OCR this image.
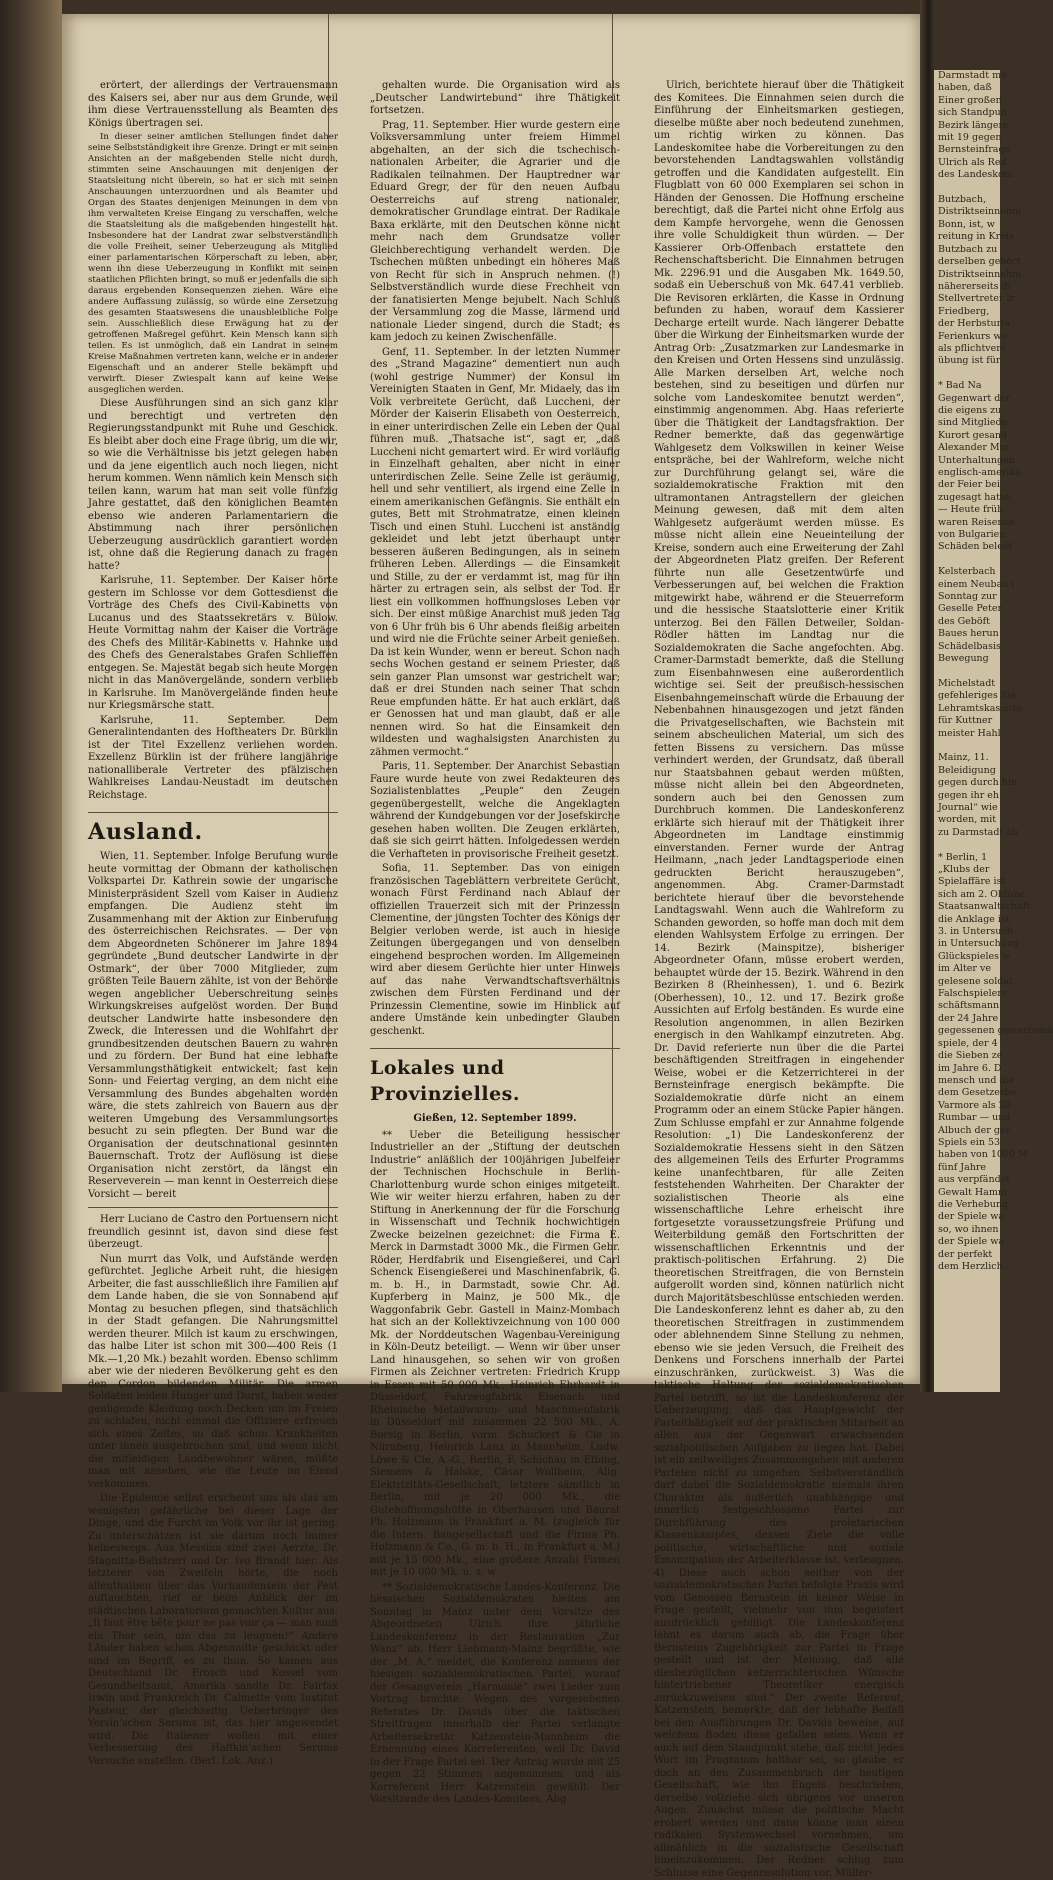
erörtert, der allerdings der Vertrauensmann des Kaisers sei, aber nur aus dem Grunde, weil ihm diese Vertrauensstellung als Beamten des Königs übertragen sei.

In dieser seiner amtlichen Stellungen findet daher seine Selbstständigkeit ihre Grenze. Dringt er mit seinen Ansichten an der maßgebenden Stelle nicht durch, stimmten seine Anschauungen mit denjenigen der Staatsleitung nicht überein, so hat er sich mit seinen Anschauungen unterzuordnen und als Beamter und Organ des Staates denjenigen Meinungen in dem von ihm verwalteten Kreise Eingang zu verschaffen, welche die Staatsleitung als die maßgebenden hingestellt hat. Insbesondere hat der Landrat zwar selbstverständlich die volle Freiheit, seiner Ueberzeugung als Mitglied einer parlamentarischen Körperschaft zu leben, aber, wenn ihn diese Ueberzeugung in Konflikt mit seinen staatlichen Pflichten bringt, so muß er jedenfalls die sich daraus ergebenden Konsequenzen ziehen. Wäre eine andere Auffassung zulässig, so würde eine Zersetzung des gesamten Staatswesens die unausbleibliche Folge sein. Ausschließlich diese Erwägung hat zu der getroffenen Maßregel geführt. Kein Mensch kann sich teilen. Es ist unmöglich, daß ein Landrat in seinem Kreise Maßnahmen vertreten kann, welche er in anderer Eigenschaft und an anderer Stelle bekämpft und verwirft. Dieser Zwiespalt kann auf keine Weise ausgeglichen werden.

Diese Ausführungen sind an sich ganz klar und berechtigt und vertreten den Regierungsstandpunkt mit Ruhe und Geschick. Es bleibt aber doch eine Frage übrig, um die wir, so wie die Verhältnisse bis jetzt gelegen haben und da jene eigentlich auch noch liegen, nicht herum kommen. Wenn nämlich kein Mensch sich teilen kann, warum hat man seit volle fünfzig Jahre gestattet, daß den königlichen Beamten ebenso wie anderen Parlamentariern die Abstimmung nach ihrer persönlichen Ueberzeugung ausdrücklich garantiert worden ist, ohne daß die Regierung danach zu fragen hatte?

Karlsruhe, 11. September. Der Kaiser hörte gestern im Schlosse vor dem Gottesdienst die Vorträge des Chefs des Civil-Kabinetts von Lucanus und des Staatssekretärs v. Bülow. Heute Vormittag nahm der Kaiser die Vorträge des Chefs des Militär-Kabinetts v. Hahnke und des Chefs des Generalstabes Grafen Schlieffen entgegen. Se. Majestät begab sich heute Morgen nicht in das Manövergelände, sondern verblieb in Karlsruhe. Im Manövergelände finden heute nur Kriegsmärsche statt.

Karlsruhe, 11. September. Dem Generalintendanten des Hoftheaters Dr. Bürklin ist der Titel Exzellenz verliehen worden. Exzellenz Bürklin ist der frühere langjährige nationalliberale Vertreter des pfälzischen Wahlkreises Landau-Neustadt im deutschen Reichstage.

Ausland.

Wien, 11. September. Infolge Berufung wurde heute vormittag der Obmann der katholischen Volkspartei Dr. Kathrein sowie der ungarische Ministerpräsident Szell vom Kaiser in Audienz empfangen. Die Audienz steht im Zusammenhang mit der Aktion zur Einberufung des österreichischen Reichsrates. — Der von dem Abgeordneten Schönerer im Jahre 1894 gegründete „Bund deutscher Landwirte in der Ostmark“, der über 7000 Mitglieder, zum größten Teile Bauern zählte, ist von der Behörde wegen angeblicher Ueberschreitung seines Wirkungskreises aufgelöst worden. Der Bund deutscher Landwirte hatte insbesondere den Zweck, die Interessen und die Wohlfahrt der grundbesitzenden deutschen Bauern zu wahren und zu fördern. Der Bund hat eine lebhafte Versammlungsthätigkeit entwickelt; fast kein Sonn- und Feiertag verging, an dem nicht eine Versammlung des Bundes abgehalten worden wäre, die stets zahlreich von Bauern aus der weiteren Umgebung des Versammlungsortes besucht zu sein pflegten. Der Bund war die Organisation der deutschnational gesinnten Bauernschaft. Trotz der Auflösung ist diese Organisation nicht zerstört, da längst ein Reserveverein — man kennt in Oesterreich diese Vorsicht — bereit

Herr Luciano de Castro den Portuensern nicht freundlich gesinnt ist, davon sind diese fest überzeugt.

Nun murrt das Volk, und Aufstände werden gefürchtet. Jegliche Arbeit ruht, die hiesigen Arbeiter, die fast ausschließlich ihre Familien auf dem Lande haben, die sie von Sonnabend auf Montag zu besuchen pflegen, sind thatsächlich in der Stadt gefangen. Die Nahrungsmittel werden theurer. Milch ist kaum zu erschwingen, das halbe Liter ist schon mit 300—400 Reis (1 Mk.—1,20 Mk.) bezahlt worden. Ebenso schlimm aber wie der niederen Bevölkerung geht es den den Cordon bildenden Militär. Die armen Soldaten leiden Hunger und Durst, haben weder genügende Kleidung noch Decken um im Freien zu schlafen, nicht einmal die Offiziere erfreuen sich eines Zeltes, so daß schon Krankheiten unter ihnen ausgebrochen sind, und wenn nicht die mitleidigen Landbewohner wären, müßte man mit ansehen, wie die Leute im Elend verkommen.

Die Epidemie selbst erscheint uns als das am wenigsten gefährliche bei dieser Lage der Dinge, und die Furcht im Volk vor ihr ist gering. Zu unterschätzen ist sie darum noch immer keineswegs. Aus Messina sind zwei Aerzte, Dr. Stagnitta-Balistreri und Dr. Ivo Brandt hier. Als letzterer von Zweifeln hörte, die noch allenthalben über das Vorhandensein der Pest auftauchten, rief er beim Anblick der im städtischen Laboratorium gemachten Kultur aus: „Il faut être bête pour ne pas voir ça — man muß ein Thor sein, um das zu leugnen!“ Andere Länder haben schon Abgesandte geschickt oder sind im Begriff, es zu thun. So kamen aus Deutschland Dr. Frosch und Kossel vom Gesundheitsamt, Amerika sandte Dr. Fairfax Irwin und Frankreich Dr. Calmette vom Institut Pasteur, der gleichzeitig Ueberbringer des Yersin’schen Serums ist, das hier angewendet wird. Die Italiener wollen mit einer Verbesserung des Haffkin’schen Serums Versuche anstellen. (Berl. Lok. Anz.)

gehalten wurde. Die Organisation wird als „Deutscher Landwirtebund“ ihre Thätigkeit fortsetzen.

Prag, 11. September. Hier wurde gestern eine Volksversammlung unter freiem Himmel abgehalten, an der sich die tschechisch-nationalen Arbeiter, die Agrarier und die Radikalen teilnahmen. Der Hauptredner war Eduard Gregr, der für den neuen Aufbau Oesterreichs auf streng nationaler, demokratischer Grundlage eintrat. Der Radikale Baxa erklärte, mit den Deutschen könne nicht mehr nach dem Grundsatze voller Gleichberechtigung verhandelt werden. Die Tschechen müßten unbedingt ein höheres Maß von Recht für sich in Anspruch nehmen. (!) Selbstverständlich wurde diese Frechheit von der fanatisierten Menge bejubelt. Nach Schluß der Versammlung zog die Masse, lärmend und nationale Lieder singend, durch die Stadt; es kam jedoch zu keinen Zwischenfälle.

Genf, 11. September. In der letzten Nummer des „Strand Magazine“ dementiert nun auch (wohl gestrige Nummer) der Konsul im Vereinigten Staaten in Genf, Mr. Midaely, das im Volk verbreitete Gerücht, daß Luccheni, der Mörder der Kaiserin Elisabeth von Oesterreich, in einer unterirdischen Zelle ein Leben der Qual führen muß. „Thatsache ist“, sagt er, „daß Luccheni nicht gemartert wird. Er wird vorläufig in Einzelhaft gehalten, aber nicht in einer unterirdischen Zelle. Seine Zelle ist geräumig, hell und sehr ventiliert, als irgend eine Zelle in einem amerikanischen Gefängnis. Sie enthält ein gutes, Bett mit Strohmatratze, einen kleinen Tisch und einen Stuhl. Luccheni ist anständig gekleidet und lebt jetzt überhaupt unter besseren äußeren Bedingungen, als in seinem früheren Leben. Allerdings — die Einsamkeit und Stille, zu der er verdammt ist, mag für ihn härter zu ertragen sein, als selbst der Tod. Er liest ein vollkommen hoffnungsloses Leben vor sich. Der einst müßige Anarchist muß jeden Tag von 6 Uhr früh bis 6 Uhr abends fleißig arbeiten und wird nie die Früchte seiner Arbeit genießen. Da ist kein Wunder, wenn er bereut. Schon nach sechs Wochen gestand er seinem Priester, daß sein ganzer Plan umsonst war gestrichelt war; daß er drei Stunden nach seiner That schon Reue empfunden hätte. Er hat auch erklärt, daß er Genossen hat und man glaubt, daß er alle nennen wird. So hat die Einsamkeit den wildesten und waghalsigsten Anarchisten zu zähmen vermocht.“

Paris, 11. September. Der Anarchist Sebastian Faure wurde heute von zwei Redakteuren des Sozialistenblattes „Peuple“ den Zeugen gegenübergestellt, welche die Angeklagten während der Kundgebungen vor der Josefskirche gesehen haben wollten. Die Zeugen erklärten, daß sie sich geirrt hätten. Infolgedessen werden die Verhafteten in provisorische Freiheit gesetzt.

Sofia, 11. September. Das von einigen französischen Tageblättern verbreitete Gerücht, wonach Fürst Ferdinand nach Ablauf der offiziellen Trauerzeit sich mit der Prinzessin Clementine, der jüngsten Tochter des Königs der Belgier verloben werde, ist auch in hiesige Zeitungen übergegangen und von denselben eingehend besprochen worden. Im Allgemeinen wird aber diesem Gerüchte hier unter Hinweis auf das nahe Verwandtschaftsverhältnis zwischen dem Fürsten Ferdinand und der Prinzessin Clementine, sowie im Hinblick auf andere Umstände kein unbedingter Glauben geschenkt.

Lokales und Provinzielles.

Gießen, 12. September 1899.

** Ueber die Beteiligung hessischer Industrieller an der „Stiftung der deutschen Industrie“ anläßlich der 100jährigen Jubelfeier der Technischen Hochschule in Berlin-Charlottenburg wurde schon einiges mitgeteilt. Wie wir weiter hierzu erfahren, haben zu der Stiftung in Anerkennung der für die Forschung in Wissenschaft und Technik hochwichtigen Zwecke beizelnen gezeichnet: die Firma E. Merck in Darmstadt 3000 Mk., die Firmen Gebr. Röder, Herdfabrik und Eisengießerei, und Carl Schenck Eisengießerei und Maschinenfabrik, G. m. b. H., in Darmstadt, sowie Chr. Ad. Kupferberg in Mainz, je 500 Mk., die Waggonfabrik Gebr. Gastell in Mainz-Mombach hat sich an der Kollektivzeichnung von 100 000 Mk. der Norddeutschen Wagenbau-Vereinigung in Köln-Deutz beteiligt. — Wenn wir über unser Land hinausgehen, so sehen wir von großen Firmen als Zeichner vertreten: Friedrich Krupp in Essen mit 50 000 Mk., Heinrich Ehrhardt in Düsseldorf, Fahrzeugfabrik Eisenach und Rheinische Metallwaren- und Maschinenfabrik in Düsseldorf mit zusammen 22 500 Mk., A. Borsig in Berlin, vorm. Schuckert & Cie in Nürnberg, Heinrich Lanz in Mannheim, Ludw. Löwe & Cie, A.-G., Berlin, F. Schichau in Elbing, Siemens & Halske, Cäsar Wollheim, Allg. Elektrizitäts-Gesellschaft, letztere sämtlich in Berlin, mit je 20 000 Mk., die Gutehoffnungshütte in Oberhausen und Baurat Ph. Holzmann in Frankfurt a. M. (zugleich für die Intern. Baugesellschaft und die Firma Ph. Holzmann & Co., G. m. b. H., in Frankfurt a. M.) mit je 15 000 Mk., eine größere Anzahl Firmen mit je 10 000 Mk. u. s. w.

** Sozialdemokratische Landes-Konferenz. Die hessischen Sozialdemokraten hielten am Sonntag in Mainz unter dem Vorsitze des Abgeordneten Ulrich ihre jährliche Landeskonferenz in der Restauration „Zur Wanz“ ab. Herr Liebmann-Mainz begrüßte, wie der „M. A.“ meldet, die Konferenz namens der hiesigen sozialdemokratischen Partei, worauf der Gesangverein „Harmonie“ zwei Lieder zum Vortrag brachte. Wegen des vorgesehenen Referates Dr. Davids über die taktischen Streitfragen innerhalb der Partei verlangte Arbeitersekretär Katzenstein-Mannheim die Ernennung eines Korreferenten, weil Dr. David in der Frage Partei sei. Der Antrag wurde mit 25 gegen 22 Stimmen angenommen und als Korreferent Herr Katzenstein gewählt. Der Vorsitzende des Landes-Komitees, Abg.

Ulrich, berichtete hierauf über die Thätigkeit des Komitees. Die Einnahmen seien durch die Einführung der Einheitsmarken gestiegen, dieselbe müßte aber noch bedeutend zunehmen, um richtig wirken zu können. Das Landeskomitee habe die Vorbereitungen zu den bevorstehenden Landtagswahlen vollständig getroffen und die Kandidaten aufgestellt. Ein Flugblatt von 60 000 Exemplaren sei schon in Händen der Genossen. Die Hoffnung erscheine berechtigt, daß die Partei nicht ohne Erfolg aus dem Kampfe hervorgehe, wenn die Genossen ihre volle Schuldigkeit thun würden. — Der Kassierer Orb-Offenbach erstattete den Rechenschaftsbericht. Die Einnahmen betrugen Mk. 2296.91 und die Ausgaben Mk. 1649.50, sodaß ein Ueberschuß von Mk. 647.41 verblieb. Die Revisoren erklärten, die Kasse in Ordnung befunden zu haben, worauf dem Kassierer Decharge erteilt wurde. Nach längerer Debatte über die Wirkung der Einheitsmarken wurde der Antrag Orb: „Zusatzmarken zur Landesmarke in den Kreisen und Orten Hessens sind unzulässig. Alle Marken derselben Art, welche noch bestehen, sind zu beseitigen und dürfen nur solche vom Landeskomitee benutzt werden“, einstimmig angenommen. Abg. Haas referierte über die Thätigkeit der Landtagsfraktion. Der Redner bemerkte, daß das gegenwärtige Wahlgesetz dem Volkswillen in keiner Weise entspräche, bei der Wahlreform, welche nicht zur Durchführung gelangt sei, wäre die sozialdemokratische Fraktion mit den ultramontanen Antragstellern der gleichen Meinung gewesen, daß mit dem alten Wahlgesetz aufgeräumt werden müsse. Es müsse nicht allein eine Neueinteilung der Kreise, sondern auch eine Erweiterung der Zahl der Abgeordneten Platz greifen. Der Referent führte nun alle Gesetzentwürfe und Verbesserungen auf, bei welchen die Fraktion mitgewirkt habe, während er die Steuerreform und die hessische Staatslotterie einer Kritik unterzog. Bei den Fällen Detweiler, Soldan-Rödler hätten im Landtag nur die Sozialdemokraten die Sache angefochten. Abg. Cramer-Darmstadt bemerkte, daß die Stellung zum Eisenbahnwesen eine außerordentlich wichtige sei. Seit der preußisch-hessischen Eisenbahngemeinschaft würde die Erbauung der Nebenbahnen hinausgezogen und jetzt fänden die Privatgesellschaften, wie Bachstein mit seinem abscheulichen Material, um sich des fetten Bissens zu versichern. Das müsse verhindert werden, der Grundsatz, daß überall nur Staatsbahnen gebaut werden müßten, müsse nicht allein bei den Abgeordneten, sondern auch bei den Genossen zum Durchbruch kommen. Die Landeskonferenz erklärte sich hierauf mit der Thätigkeit ihrer Abgeordneten im Landtage einstimmig einverstanden. Ferner wurde der Antrag Heilmann, „nach jeder Landtagsperiode einen gedruckten Bericht herauszugeben“, angenommen. Abg. Cramer-Darmstadt berichtete hierauf über die bevorstehende Landtagswahl. Wenn auch die Wahlreform zu Schanden geworden, so hoffe man doch mit dem elenden Wahlsystem Erfolge zu erringen. Der 14. Bezirk (Mainspitze), bisheriger Abgeordneter Ofann, müsse erobert werden, behauptet würde der 15. Bezirk. Während in den Bezirken 8 (Rheinhessen), 1. und 6. Bezirk (Oberhessen), 10., 12. und 17. Bezirk große Aussichten auf Erfolg beständen. Es wurde eine Resolution angenommen, in allen Bezirken energisch in den Wahlkampf einzutreten. Abg. Dr. David referierte nun über die die Partei beschäftigenden Streitfragen in eingehender Weise, wobei er die Ketzerrichterei in der Bernsteinfrage energisch bekämpfte. Die Sozialdemokratie dürfe nicht an einem Programm oder an einem Stücke Papier hängen. Zum Schlusse empfahl er zur Annahme folgende Resolution: „1) Die Landeskonferenz der Sozialdemokratie Hessens sieht in den Sätzen des allgemeinen Teils des Erfurter Programms keine unanfechtbaren, für alle Zeiten feststehenden Wahrheiten. Der Charakter der sozialistischen Theorie als eine wissenschaftliche Lehre erheischt ihre fortgesetzte voraussetzungsfreie Prüfung und Weiterbildung gemäß den Fortschritten der wissenschaftlichen Erkenntnis und der praktisch-politischen Erfahrung. 2) Die theoretischen Streitfragen, die von Bernstein aufgerollt worden sind, können natürlich nicht durch Majoritätsbeschlüsse entschieden werden. Die Landeskonferenz lehnt es daher ab, zu den theoretischen Streitfragen in zustimmendem oder ablehnendem Sinne Stellung zu nehmen, ebenso wie sie jeden Versuch, die Freiheit des Denkens und Forschens innerhalb der Partei einzuschränken, zurückweist. 3) Was die taktische Haltung der sozialdemokratischen Partei betrifft, so ist die Landeskonferenz der Ueberzeugung, daß das Hauptgewicht der Parteithätigkeit auf der praktischen Mitarbeit an allen aus der Gegenwart erwachsenden sozialpolitischen Aufgaben zu liegen hat. Dabei ist ein zeitweiliges Zusammengehen mit anderen Parteien nicht zu umgehen. Selbstverständlich darf dabei die Sozialdemokratie niemals ihren Charakter als äußerlich unabhängige und innerlich festgeschlossene Partei zur Durchführung des proletarischen Klassenkampfes, dessen Ziele die volle politische, wirtschaftliche und soziale Emanzipation der Arbeiterklasse ist, verleugnen. 4) Diese auch schon seither von der sozialdemokratischen Partei befolgte Praxis wird vom Genossen Bernstein in keiner Weise in Frage gestellt, vielmehr von ihm begeistert ausdrücklich gebilligt. Die Landeskonferenz lehnt es darum auch ab, die Frage über Bernsteins Zugehörigkeit zur Partei in Frage gestellt und ist der Meinung, daß alle diesbezüglichen ketzerrichterischen Wünsche hintertriebener Theoretiker energisch zurückzuweisen sind.“ Der zweite Referent, Katzenstein, bemerkte, daß der lebhafte Beifall bei den Ausführungen Dr. Davids beweise, auf welchem Boden diese gefallen seien. Wenn er auch auf dem Standpunkt stehe, daß nicht jedes Wort im Programm haltbar sei, so glaube er doch an den Zusammenbruch der heutigen Gesellschaft, wie ihn Engels beschrieben, derselbe vollziehe sich übrigens vor unseren Augen. Zunächst müsse die politische Macht erobert werden und dann könne man einen radikalen Systemwechsel vornehmen, um allmählich in die sozialistische Gesellschaft hineinzukommen. Der Redner schlug zum Schlusse eine Gegenresolution vor. Müller-

Darmstadt me

haben, daß

Einer großen

sich Standpun

Bezirk längere

mit 19 gegen

Bernsteinfrage

Ulrich als Red

des Landeskom

Butzbach,

Distriktseinnehm

Bonn, ist, w

reitung in Kreis

Butzbach zu

derselben gehört

Distriktseinnehm

nähererseits di

Stellvertreter ir

Friedberg,

der Herbsturla

Ferienkurs wo

als pflichtvers

übung ist für

* Bad Na

Gegenwart der

die eigens zu

sind Mitgliede

Kurort gesand

Alexander Mor

Unterhaltungen

englisch-amerika

der Feier bei.

zugesagt hatte,

— Heute früh

waren Reisende

von Bulgarien

Schäden beleid

Kelsterbach

einem Neubau i

Sonntag zur

Geselle Peter

des Geböft

Baues herun

Schädelbasis

Bewegung

Michelstadt

gefehleriges Sie

Lehramtskassiste

für Kuttner

meister Hahl

Mainz, 11.

Beleidigung

gegen durch hin

gegen ihr eh

Journal“ wie

worden, mit

zu Darmstadt ab

* Berlin, 1

„Klubs der

Spielaffäre ist

sich am 2. Oktobe

Staatsanwaltschaft

die Anklage ist

3. in Untersuch

in Untersuchung

Glückspieles w

im Alter ve

gelesene soldat

Falschspielers

schäftsmann

der 24 Jahre

gegessenen gewerbsmä

spiele, der 4

die Sieben ze

im Jahre 6. D

mensch und die

dem Gesetzesbe

Varmore als 20

Rumbar — und

Albuch der ger

Spiels ein 53

haben von 1000 M

fünf Jahre

aus verpfändet

Gewalt Hamm

die Verhebung

der Spiele wa

so, wo ihnen

der Spiele wa

der perfekt

dem Herzlich.
